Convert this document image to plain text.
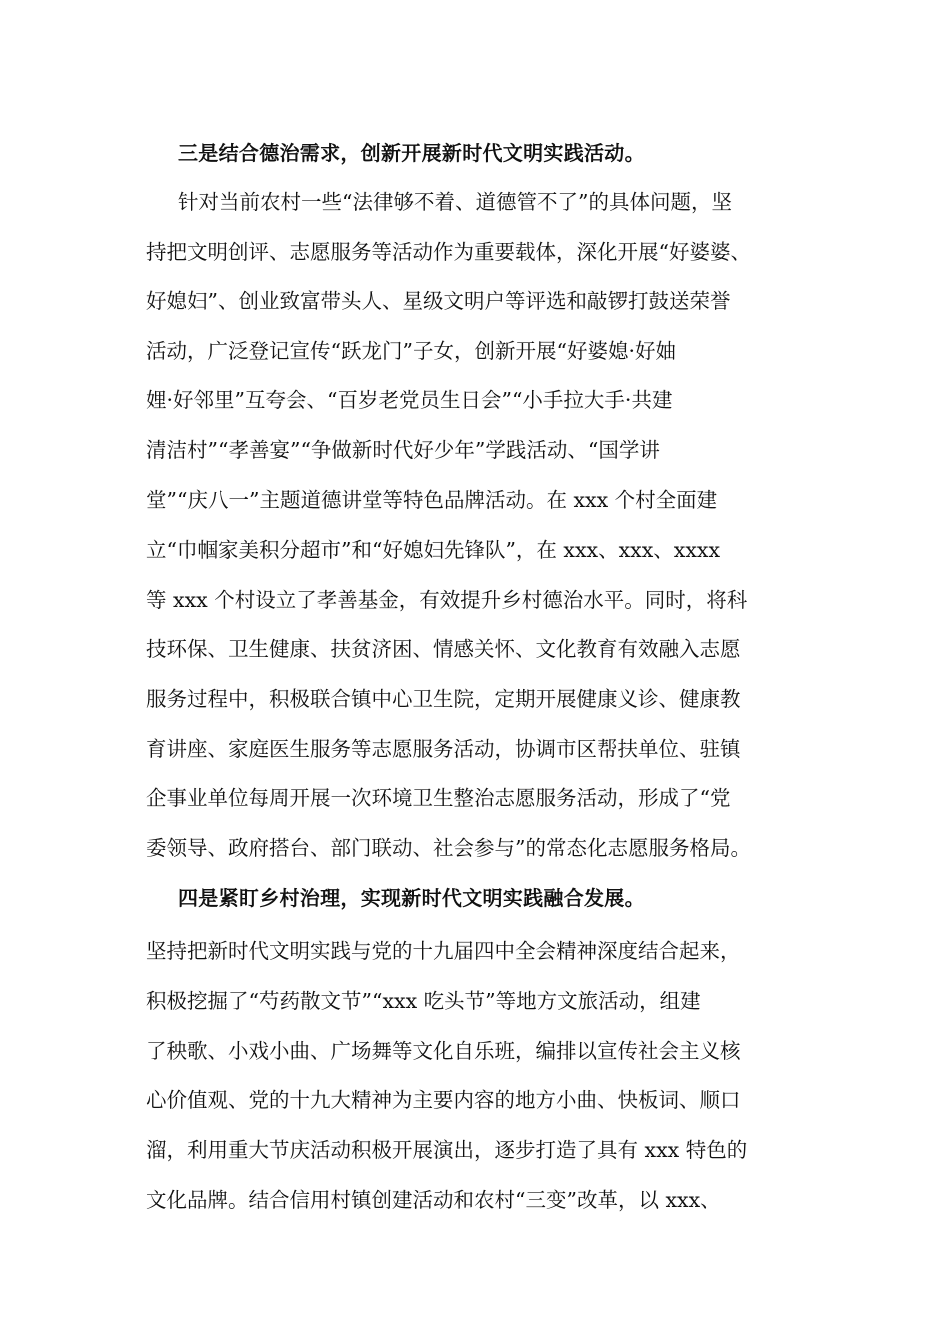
三是结合德治需求，创新开展新时代文明实践活动。
针对当前农村一些“法律够不着、道德管不了”的具体问题，坚
持把文明创评、志愿服务等活动作为重要载体，深化开展“好婆婆、
好媳妇”、创业致富带头人、星级文明户等评选和敲锣打鼓送荣誉
活动，广泛登记宣传“跃龙门”子女，创新开展“好婆媳·好妯
娌·好邻里”互夸会、“百岁老党员生日会”“小手拉大手·共建
清洁村”“孝善宴”“争做新时代好少年”学践活动、“国学讲
堂”“庆八一”主题道德讲堂等特色品牌活动。在 xxx 个村全面建
立“巾帼家美积分超市”和“好媳妇先锋队”，在 xxx、xxx、xxxx
等 xxx 个村设立了孝善基金，有效提升乡村德治水平。同时，将科
技环保、卫生健康、扶贫济困、情感关怀、文化教育有效融入志愿
服务过程中，积极联合镇中心卫生院，定期开展健康义诊、健康教
育讲座、家庭医生服务等志愿服务活动，协调市区帮扶单位、驻镇
企事业单位每周开展一次环境卫生整治志愿服务活动，形成了“党
委领导、政府搭台、部门联动、社会参与”的常态化志愿服务格局。
四是紧盯乡村治理，实现新时代文明实践融合发展。
坚持把新时代文明实践与党的十九届四中全会精神深度结合起来，
积极挖掘了“芍药散文节”“xxx 吃头节”等地方文旅活动，组建
了秧歌、小戏小曲、广场舞等文化自乐班，编排以宣传社会主义核
心价值观、党的十九大精神为主要内容的地方小曲、快板词、顺口
溜，利用重大节庆活动积极开展演出，逐步打造了具有 xxx 特色的
文化品牌。结合信用村镇创建活动和农村“三变”改革，以 xxx、
